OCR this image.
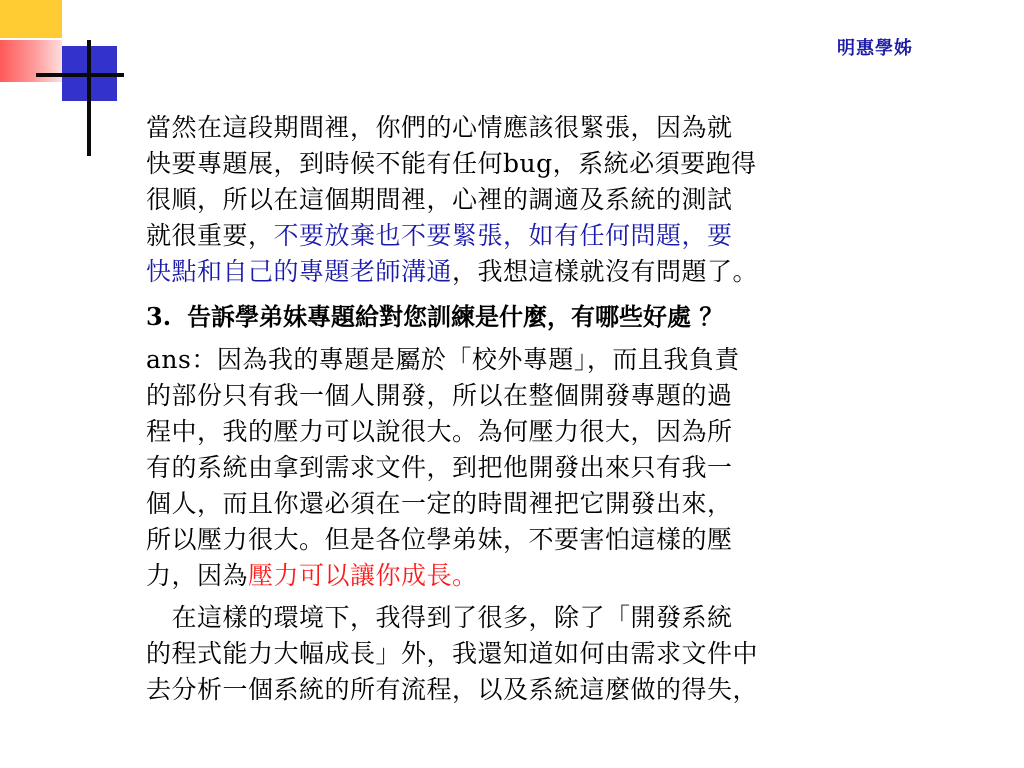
明惠學姊

當然在這段期間裡，你們的心情應該很緊張，因為就
快要專題展，到時候不能有任何bug，系統必須要跑得
很順，所以在這個期間裡，心裡的調適及系統的測試
就很重要，不要放棄也不要緊張，如有任何問題，要
快點和自己的專題老師溝通，我想這樣就沒有問題了。

3. 告訴學弟妹專題給對您訓練是什麼，有哪些好處 ？

ans：因為我的專題是屬於「校外專題」，而且我負責
的部份只有我一個人開發，所以在整個開發專題的過
程中，我的壓力可以說很大。為何壓力很大，因為所
有的系統由拿到需求文件，到把他開發出來只有我一
個人，而且你還必須在一定的時間裡把它開發出來，
所以壓力很大。但是各位學弟妹，不要害怕這樣的壓
力，因為壓力可以讓你成長。

　在這樣的環境下，我得到了很多，除了「開發系統
的程式能力大幅成長」外，我還知道如何由需求文件中
去分析一個系統的所有流程，以及系統這麼做的得失，
